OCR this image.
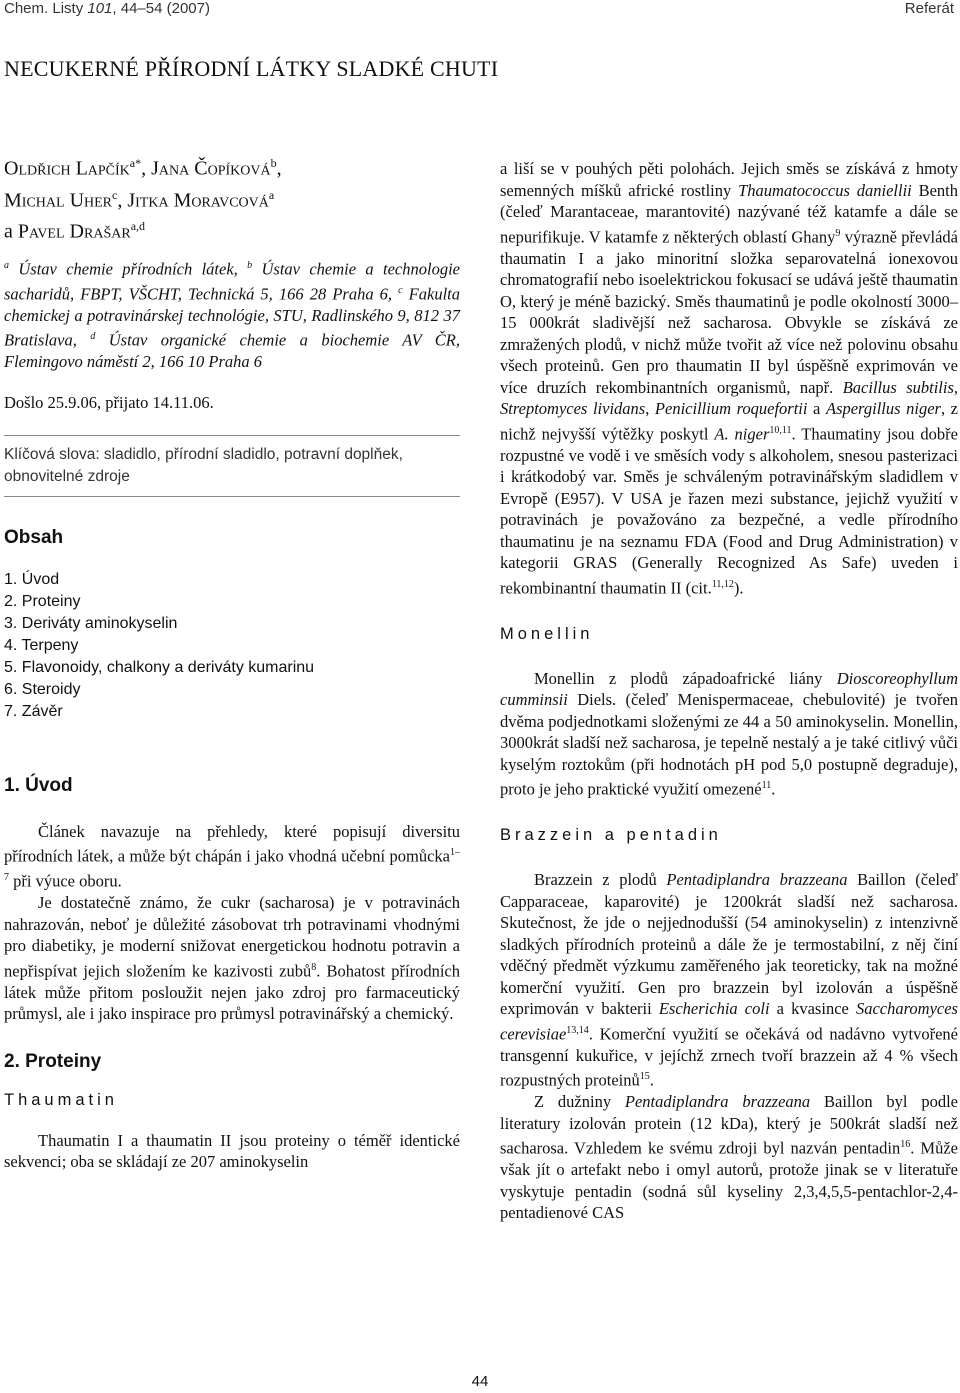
Chem. Listy 101, 44–54 (2007)	Referát
NECUKERNÉ PŘÍRODNÍ LÁTKY SLADKÉ CHUTI
Oldřich Lapčík$^{a*}$, Jana Čopíková$^b$,
Michal Uher$^c$, Jitka Moravcová$^a$
a Pavel Drašar$^{a,d}$
$^a$ Ústav chemie přírodních látek, $^b$ Ústav chemie a technologie sacharidů, FBPT, VŠCHT, Technická 5, 166 28 Praha 6, $^c$ Fakulta chemickej a potravinárskej technológie, STU, Radlinského 9, 812 37 Bratislava, $^d$ Ústav organické chemie a biochemie AV ČR, Flemingovo náměstí 2, 166 10 Praha 6
Došlo 25.9.06, přijato 14.11.06.
Klíčová slova: sladidlo, přírodní sladidlo, potravní doplňek, obnovitelné zdroje
Obsah
1. Úvod
2. Proteiny
3. Deriváty aminokyselin
4. Terpeny
5. Flavonoidy, chalkony a deriváty kumarinu
6. Steroidy
7. Závěr
1. Úvod

Článek navazuje na přehledy, které popisují diversitu přírodních látek, a může být chápán i jako vhodná učební pomůcka$^{1-7}$ při výuce oboru.

Je dostatečně známo, že cukr (sacharosa) je v potravinách nahrazován, neboť je důležité zásobovat trh potravinami vhodnými pro diabetiky, je moderní snižovat energetickou hodnotu potravin a nepřispívat jejich složením ke kazivosti zubů$^8$. Bohatost přírodních látek může přitom posloužit nejen jako zdroj pro farmaceutický průmysl, ale i jako inspirace pro průmysl potravinářský a chemický.

2. Proteiny
Thaumatin

Thaumatin I a thaumatin II jsou proteiny o téměř identické sekvenci; oba se skládají ze 207 aminokyselin

a liší se v pouhých pěti polohách. Jejich směs se získává z hmoty semenných míšků africké rostliny Thaumatococcus daniellii Benth (čeleď Marantaceae, marantovité) nazývané též katamfe a dále se nepurifikuje. V katamfe z některých oblastí Ghany$^9$ výrazně převládá thaumatin I a jako minoritní složka separovatelná ionexovou chromatografií nebo isoelektrickou fokusací se udává ještě thaumatin O, který je méně bazický. Směs thaumatinů je podle okolností 3000–15 000krát sladivější než sacharosa. Obvykle se získává ze zmražených plodů, v nichž může tvořit až více než polovinu obsahu všech proteinů. Gen pro thaumatin II byl úspěšně exprimován ve více druzích rekombinantních organismů, např. Bacillus subtilis, Streptomyces lividans, Penicillium roquefortii a Aspergillus niger, z nichž nejvyšší výtěžky poskytl A. niger$^{10,11}$. Thaumatiny jsou dobře rozpustné ve vodě i ve směsích vody s alkoholem, snesou pasterizaci i krátkodobý var. Směs je schváleným potravinářským sladidlem v Evropě (E957). V USA je řazen mezi substance, jejichž využití v potravinách je považováno za bezpečné, a vedle přírodního thaumatinu je na seznamu FDA (Food and Drug Administration) v kategorii GRAS (Generally Recognized As Safe) uveden i rekombinantní thaumatin II (cit.$^{11,12}$).

Monellin

Monellin z plodů západoafrické liány Dioscoreophyllum cumminsii Diels. (čeleď Menispermaceae, chebulovité) je tvořen dvěma podjednotkami složenými ze 44 a 50 aminokyselin. Monellin, 3000krát sladší než sacharosa, je tepelně nestalý a je také citlivý vůči kyselým roztokům (při hodnotách pH pod 5,0 postupně degraduje), proto je jeho praktické využití omezené$^{11}$.

Brazzein a pentadin

Brazzein z plodů Pentadiplandra brazzeana Baillon (čeleď Capparaceae, kaparovité) je 1200krát sladší než sacharosa. Skutečnost, že jde o nejjednodušší (54 aminokyselin) z intenzivně sladkých přírodních proteinů a dále že je termostabilní, z něj činí vděčný předmět výzkumu zaměřeného jak teoreticky, tak na možné komerční využití. Gen pro brazzein byl izolován a úspěšně exprimován v bakterii Escherichia coli a kvasince Saccharomyces cerevisiae$^{13,14}$. Komerční využití se očekává od nadávno vytvořené transgenní kukuřice, v jejíchž zrnech tvoří brazzein až 4 % všech rozpustných proteinů$^{15}$.

Z dužniny Pentadiplandra brazzeana Baillon byl podle literatury izolován protein (12 kDa), který je 500krát sladší než sacharosa. Vzhledem ke svému zdroji byl nazván pentadin$^{16}$. Může však jít o artefakt nebo i omyl autorů, protože jinak se v literatuře vyskytuje pentadin (sodná sůl kyseliny 2,3,4,5,5-pentachlor-2,4-pentadienové CAS

44
